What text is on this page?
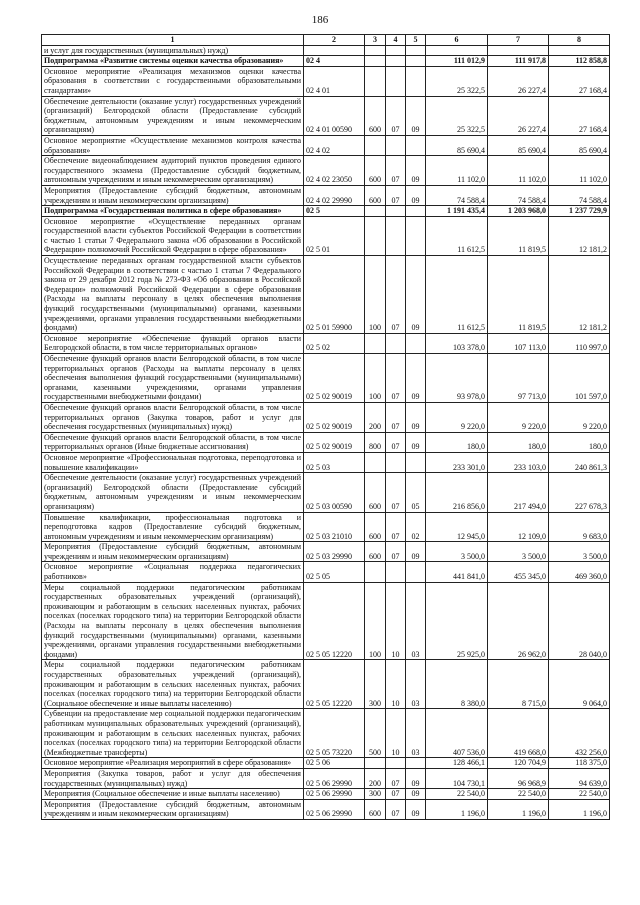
186
1	2	3	4	5	6	7	8
и услуг для государственных (муниципальных) нужд)							
Подпрограмма «Развитие системы оценки качества образования»	02 4				111 012,9	111 917,8	112 858,8
Основное мероприятие «Реализация механизмов оценки качества образования в соответствии с государственными образовательными стандартами»	02 4 01				25 322,5	26 227,4	27 168,4
Обеспечение деятельности (оказание услуг) государственных учреждений (организаций) Белгородской области (Предоставление субсидий бюджетным, автономным учреждениям и иным некоммерческим организациям)	02 4 01 00590	600	07	09	25 322,5	26 227,4	27 168,4
Основное мероприятие «Осуществление механизмов контроля качества образования»	02 4 02				85 690,4	85 690,4	85 690,4
Обеспечение видеонаблюдением аудиторий пунктов проведения единого государственного экзамена (Предоставление субсидий бюджетным, автономным учреждениям и иным некоммерческим организациям)	02 4 02 23050	600	07	09	11 102,0	11 102,0	11 102,0
Мероприятия (Предоставление субсидий бюджетным, автономным учреждениям и иным некоммерческим организациям)	02 4 02 29990	600	07	09	74 588,4	74 588,4	74 588,4
Подпрограмма «Государственная политика в сфере образования»	02 5				1 191 435,4	1 203 968,0	1 237 729,9
Основное мероприятие «Осуществление переданных органам государственной власти субъектов Российской Федерации в соответствии с частью 1 статьи 7 Федерального закона «Об образовании в Российской Федерации» полномочий Российской Федерации в сфере образования»	02 5 01				11 612,5	11 819,5	12 181,2
Осуществление переданных органам государственной власти субъектов Российской Федерации в соответствии с частью 1 статьи 7 Федерального закона от 29 декабря 2012 года № 273-ФЗ «Об образовании в Российской Федерации» полномочий Российской Федерации в сфере образования (Расходы на выплаты персоналу в целях обеспечения выполнения функций государственными (муниципальными) органами, казенными учреждениями, органами управления государственными внебюджетными фондами)	02 5 01 59900	100	07	09	11 612,5	11 819,5	12 181,2
Основное мероприятие «Обеспечение функций органов власти Белгородской области, в том числе территориальных органов»	02 5 02				103 378,0	107 113,0	110 997,0
Обеспечение функций органов власти Белгородской области, в том числе территориальных органов (Расходы на выплаты персоналу в целях обеспечения выполнения функций государственными (муниципальными) органами, казенными учреждениями, органами управления государственными внебюджетными фондами)	02 5 02 90019	100	07	09	93 978,0	97 713,0	101 597,0
Обеспечение функций органов власти Белгородской области, в том числе территориальных органов (Закупка товаров, работ и услуг для обеспечения государственных (муниципальных) нужд)	02 5 02 90019	200	07	09	9 220,0	9 220,0	9 220,0
Обеспечение функций органов власти Белгородской области, в том числе территориальных органов (Иные бюджетные ассигнования)	02 5 02 90019	800	07	09	180,0	180,0	180,0
Основное мероприятие «Профессиональная подготовка, переподготовка и повышение квалификации»	02 5 03				233 301,0	233 103,0	240 861,3
Обеспечение деятельности (оказание услуг) государственных учреждений (организаций) Белгородской области (Предоставление субсидий бюджетным, автономным учреждениям и иным некоммерческим организациям)	02 5 03 00590	600	07	05	216 856,0	217 494,0	227 678,3
Повышение квалификации, профессиональная подготовка и переподготовка кадров (Предоставление субсидий бюджетным, автономным учреждениям и иным некоммерческим организациям)	02 5 03 21010	600	07	02	12 945,0	12 109,0	9 683,0
Мероприятия (Предоставление субсидий бюджетным, автономным учреждениям и иным некоммерческим организациям)	02 5 03 29990	600	07	09	3 500,0	3 500,0	3 500,0
Основное мероприятие «Социальная поддержка педагогических работников»	02 5 05				441 841,0	455 345,0	469 360,0
Меры социальной поддержки педагогическим работникам государственных образовательных учреждений (организаций), проживающим и работающим в сельских населенных пунктах, рабочих поселках (поселках городского типа) на территории Белгородской области (Расходы на выплаты персоналу в целях обеспечения выполнения функций государственными (муниципальными) органами, казенными учреждениями, органами управления государственными внебюджетными фондами)	02 5 05 12220	100	10	03	25 925,0	26 962,0	28 040,0
Меры социальной поддержки педагогическим работникам государственных образовательных учреждений (организаций), проживающим и работающим в сельских населенных пунктах, рабочих поселках (поселках городского типа) на территории Белгородской области (Социальное обеспечение и иные выплаты населению)	02 5 05 12220	300	10	03	8 380,0	8 715,0	9 064,0
Субвенции на предоставление мер социальной поддержки педагогическим работникам муниципальных образовательных учреждений (организаций), проживающим и работающим в сельских населенных пунктах, рабочих поселках (поселках городского типа) на территории Белгородской области (Межбюджетные трансферты)	02 5 05 73220	500	10	03	407 536,0	419 668,0	432 256,0
Основное мероприятие «Реализация мероприятий в сфере образования»	02 5 06				128 466,1	120 704,9	118 375,0
Мероприятия (Закупка товаров, работ и услуг для обеспечения государственных (муниципальных) нужд)	02 5 06 29990	200	07	09	104 730,1	96 968,9	94 639,0
Мероприятия (Социальное обеспечение и иные выплаты населению)	02 5 06 29990	300	07	09	22 540,0	22 540,0	22 540,0
Мероприятия (Предоставление субсидий бюджетным, автономным учреждениям и иным некоммерческим организациям)	02 5 06 29990	600	07	09	1 196,0	1 196,0	1 196,0
